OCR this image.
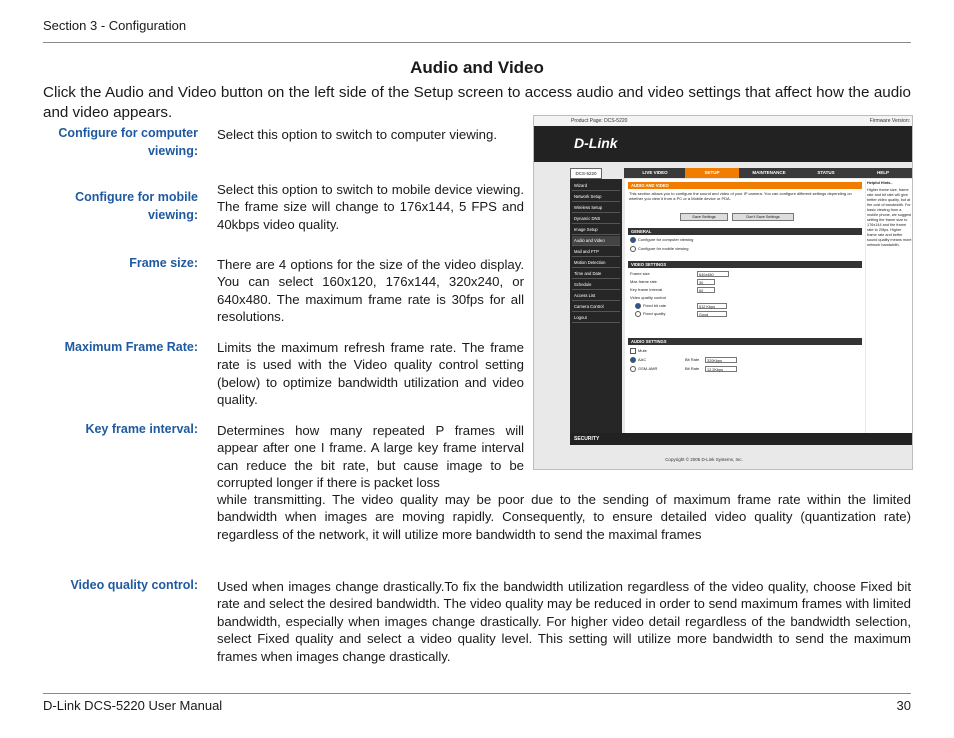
Section 3 - Configuration
Audio and Video
Click the Audio and Video button on the left side of the Setup screen to access audio and video settings that affect how the audio and video appears.
Configure for computer viewing:
Select this option to switch to computer viewing.
Configure for mobile viewing:
Select this option to switch to mobile device viewing. The frame size will change to 176x144, 5 FPS and 40kbps video quality.
Frame size: There are 4 options for the size of the video display. You can select 160x120, 176x144, 320x240, or 640x480. The maximum frame rate is 30fps for all resolutions.
Maximum Frame Rate: Limits the maximum refresh frame rate. The frame rate is used with the Video quality control setting (below) to optimize bandwidth utilization and video quality.
Key frame interval: Determines how many repeated P frames will appear after one I frame. A large key frame interval can reduce the bit rate, but cause image to be corrupted longer if there is packet loss
while transmitting. The video quality may be poor due to the sending of maximum frame rate within the limited bandwidth when images are moving rapidly. Consequently, to ensure detailed video quality (quantization rate) regardless of the network, it will utilize more bandwidth to send the maximal frames
Video quality control: Used when images change drastically.To fix the bandwidth utilization regardless of the video quality, choose Fixed bit rate and select the desired bandwidth. The video quality may be reduced in order to send maximum frames with limited bandwidth, especially when images change drastically. For higher video detail regardless of the bandwidth selection, select Fixed quality and select a video quality level. This setting will utilize more bandwidth to send the maximum frames when images change drastically.
Product Page: DCS-5220	Firmware Version:
D-Link
DCS-5220	LIVE VIDEO	SETUP	MAINTENANCE	STATUS	HELP
Wizard
Network Setup
Wireless Setup
Dynamic DNS
Image Setup
Audio and Video
Mail and FTP
Motion Detection
Time and Date
Schedule
Access List
Camera Control
Logout
AUDIO AND VIDEO
This section allows you to configure the sound and video of your IP camera. You can configure different settings depending on whether you view it from a PC or a Mobile device or PDA.
Save Settings	Don't Save Settings
GENERAL
Configure for computer viewing
Configure for mobile viewing
VIDEO SETTINGS
Frame size	640x480
Max frame rate	30
Key frame interval	60
Video quality control
Fixed bit rate	512 Kbps
Fixed quality	Good
AUDIO SETTINGS
Mute
AAC	Bit Rate	320Kbps
GSM-AMR	Bit Rate	12.2Kbps
Helpful Hints..
Higher frame size, frame rate and bit rate will give better video quality, but at the cost of bandwidth. For basic viewing from a mobile phone, we suggest setting the frame size to 176x144 and the frame rate to 20fps. Higher frame rate and better sound quality means more network bandwidth.
SECURITY
Copyright © 2005 D-Link Systems, Inc.
D-Link DCS-5220 User Manual	30
